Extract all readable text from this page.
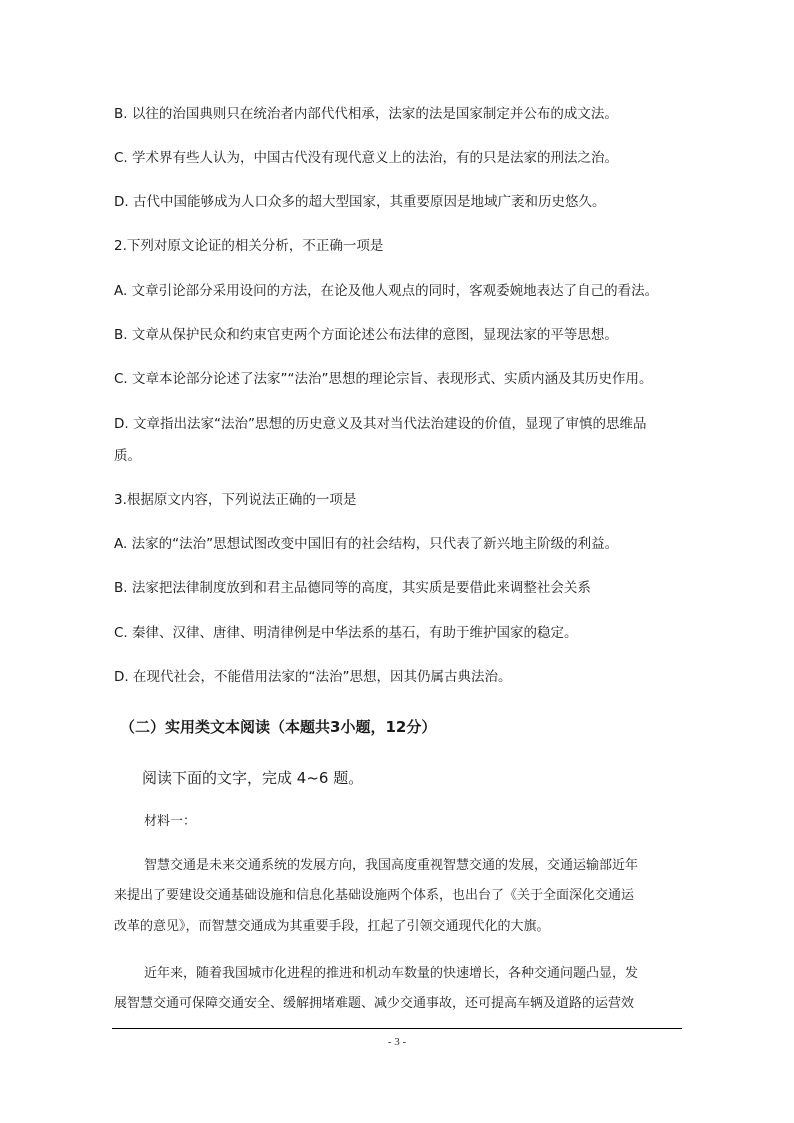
B. 以往的治国典则只在统治者内部代代相承，法家的法是国家制定并公布的成文法。
C. 学术界有些人认为，中国古代没有现代意义上的法治，有的只是法家的刑法之治。
D. 古代中国能够成为人口众多的超大型国家，其重要原因是地域广袤和历史悠久。
2.下列对原文论证的相关分析，不正确一项是
A. 文章引论部分采用设问的方法，在论及他人观点的同时，客观委婉地表达了自己的看法。
B. 文章从保护民众和约束官吏两个方面论述公布法律的意图，显现法家的平等思想。
C. 文章本论部分论述了法家”“法治”思想的理论宗旨、表现形式、实质内涵及其历史作用。
D. 文章指出法家“法治”思想的历史意义及其对当代法治建设的价值，显现了审慎的思维品
质。
3.根据原文内容，下列说法正确的一项是
A. 法家的“法治”思想试图改变中国旧有的社会结构，只代表了新兴地主阶级的利益。
B. 法家把法律制度放到和君主品德同等的高度，其实质是要借此来调整社会关系
C. 秦律、汉律、唐律、明清律例是中华法系的基石，有助于维护国家的稳定。
D. 在现代社会，不能借用法家的“法治”思想，因其仍属古典法治。
（二）实用类文本阅读（本题共3小题，12分）
阅读下面的文字，完成 4~6 题。
材料一：
智慧交通是未来交通系统的发展方向，我国高度重视智慧交通的发展，交通运输部近年
来提出了要建设交通基础设施和信息化基础设施两个体系，也出台了《关于全面深化交通运
改革的意见》，而智慧交通成为其重要手段，扛起了引领交通现代化的大旗。
近年来，随着我国城市化进程的推进和机动车数量的快速增长，各种交通问题凸显，发
展智慧交通可保障交通安全、缓解拥堵难题、减少交通事故，还可提高车辆及道路的运营效
- 3 -
